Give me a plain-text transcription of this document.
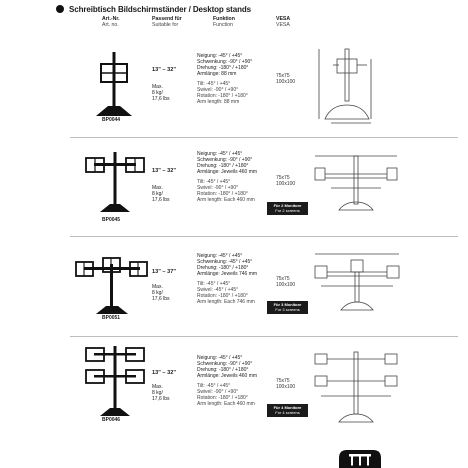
Schreibtisch Bildschirmständer / Desktop stands
Art.-Nr.
Art. no.
Passend für
Suitable for
Funktion
Function
VESA
VESA
13" – 32"
Max.
8 kg/
17,6 lbs
BP0044
Neigung: -45° / +45°
Schwenkung: -90° / +90°
Drehung: -180° / +180°
Armlänge: 88 mm
Tilt: -45° / +45°
Swivel: -90° / +90°
Rotation: -180° / +180°
Arm length: 88 mm
75x75
100x100
13" – 32"
Max.
8 kg/
17,6 lbs
BP0045
Neigung: -45° / +45°
Schwenkung: -90° / +90°
Drehung: -180° / +180°
Armlänge: Jeweils 460 mm
Tilt: -45° / +45°
Swivel: -90° / +90°
Rotation: -180° / +180°
Arm length: Each 460 mm
75x75
100x100
Für 2 Monitore
For 2 screens
13" – 37"
Max.
8 kg/
17,6 lbs
BP0051
Neigung: -45° / +45°
Schwenkung: -45° / +45°
Drehung: -180° / +180°
Armlänge: Jeweils 746 mm
Tilt: -45° / +45°
Swivel: -45° / +45°
Rotation: -180° / +180°
Arm length: Each 746 mm
75x75
100x100
Für 3 Monitore
For 3 screens
13" – 32"
Max.
8 kg/
17,6 lbs
BP0046
Neigung: -45° / +45°
Schwenkung: -90° / +90°
Drehung: -180° / +180°
Armlänge: Jeweils 460 mm
Tilt: -45° / +45°
Swivel: -90° / +90°
Rotation: -180° / +180°
Arm length: Each 460 mm
75x75
100x100
Für 4 Monitore
For 4 screens
